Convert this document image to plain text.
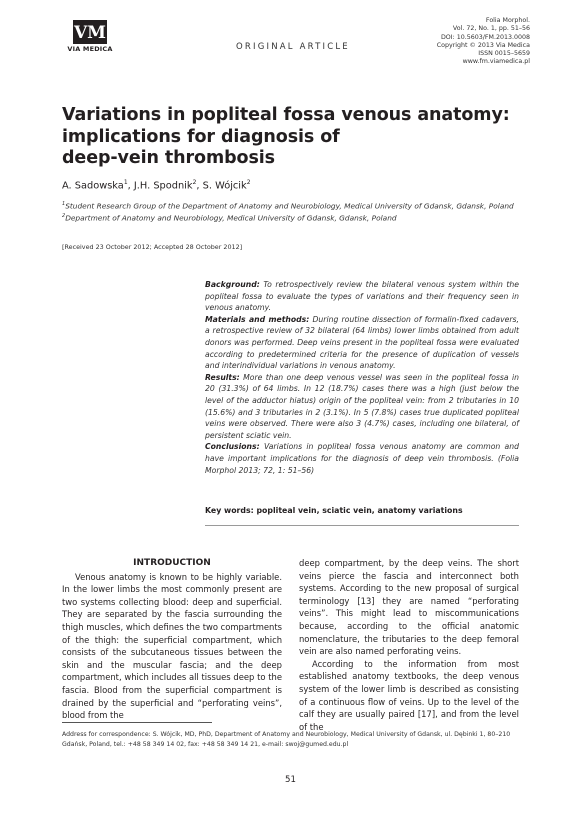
VM
VIA MEDICA	ORIGINAL ARTICLE
Folia Morphol.
Vol. 72, No. 1, pp. 51–56
DOI: 10.5603/FM.2013.0008
Copyright © 2013 Via Medica
ISSN 0015–5659
www.fm.viamedica.pl
Variations in popliteal fossa venous anatomy:
implications for diagnosis of
deep-vein thrombosis
A. Sadowska$^1$, J.H. Spodnik$^2$, S. Wójcik$^2$
$^1$Student Research Group of the Department of Anatomy and Neurobiology, Medical University of Gdansk, Gdansk, Poland
$^2$Department of Anatomy and Neurobiology, Medical University of Gdansk, Gdansk, Poland
[Received 23 October 2012; Accepted 28 October 2012]
Background: To retrospectively review the bilateral venous system within the popliteal fossa to evaluate the types of variations and their frequency seen in venous anatomy.
Materials and methods: During routine dissection of formalin-fixed cadavers, a retrospective review of 32 bilateral (64 limbs) lower limbs obtained from adult donors was performed. Deep veins present in the popliteal fossa were evaluated according to predetermined criteria for the presence of duplication of vessels and interindividual variations in venous anatomy.
Results: More than one deep venous vessel was seen in the popliteal fossa in 20 (31.3%) of 64 limbs. In 12 (18.7%) cases there was a high (just below the level of the adductor hiatus) origin of the popliteal vein: from 2 tributaries in 10 (15.6%) and 3 tributaries in 2 (3.1%). In 5 (7.8%) cases true duplicated popliteal veins were observed. There were also 3 (4.7%) cases, including one bilateral, of persistent sciatic vein.
Conclusions: Variations in popliteal fossa venous anatomy are common and have important implications for the diagnosis of deep vein thrombosis. (Folia Morphol 2013; 72, 1: 51–56)
Key words: popliteal vein, sciatic vein, anatomy variations
INTRODUCTION

Venous anatomy is known to be highly variable. In the lower limbs the most commonly present are two systems collecting blood: deep and superficial. They are separated by the fascia surrounding the thigh muscles, which defines the two compartments of the thigh: the superficial compartment, which consists of the subcutaneous tissues between the skin and the muscular fascia; and the deep compartment, which includes all tissues deep to the fascia. Blood from the superficial compartment is drained by the superficial and “perforating veins”, blood from the

deep compartment, by the deep veins. The short veins pierce the fascia and interconnect both systems. According to the new proposal of surgical terminology [13] they are named “perforating veins”. This might lead to miscommunications because, according to the official anatomic nomenclature, the tributaries to the deep femoral vein are also named perforating veins.

According to the information from most established anatomy textbooks, the deep venous system of the lower limb is described as consisting of a continuous flow of veins. Up to the level of the calf they are usually paired [17], and from the level of the

Address for correspondence: S. Wójcik, MD, PhD, Department of Anatomy and Neurobiology, Medical University of Gdansk, ul. Dębinki 1, 80–210 Gdańsk, Poland, tel.: +48 58 349 14 02, fax: +48 58 349 14 21, e-mail: swoj@gumed.edu.pl
51
